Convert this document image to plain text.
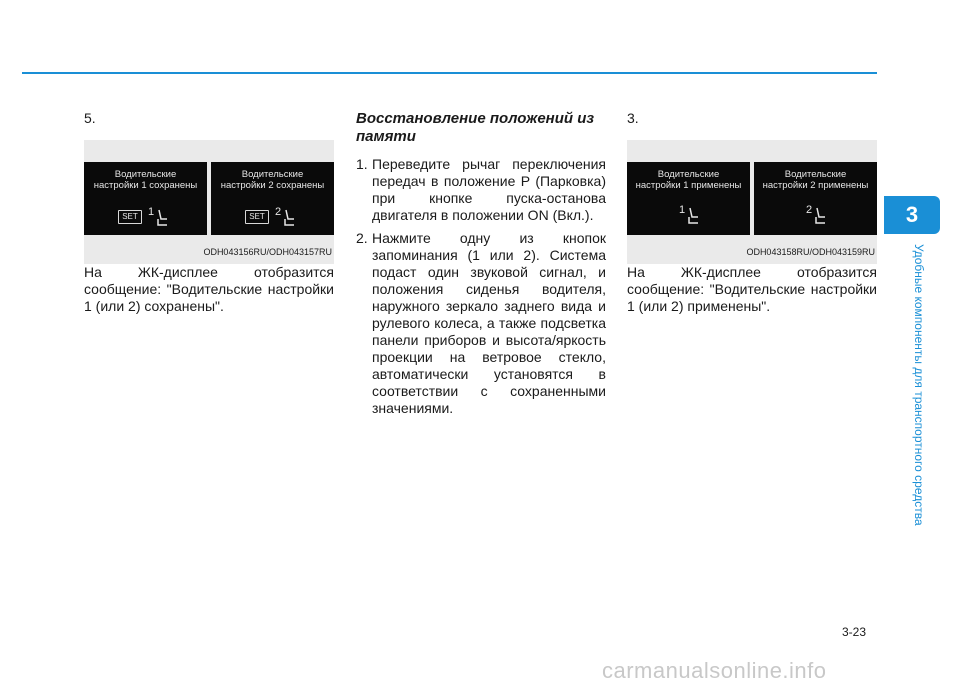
3
Удобные компоненты для транспортного средства
5.
Водительские
настройки 1 сохранены
SET 1
Водительские
настройки 2 сохранены
SET 2
ODH043156RU/ODH043157RU

На ЖК-дисплее отобразится сообщение: "Водительские настройки 1 (или 2) сохранены".

Восстановление положений из памяти
1. Переведите рычаг переключения передач в положение P (Парковка) при кнопке пуска-останова двигателя в положении ON (Вкл.).
2. Нажмите одну из кнопок запоминания (1 или 2). Система подаст один звуковой сигнал, и положения сиденья водителя, наружного зеркало заднего вида и рулевого колеса, а также подсветка панели приборов и высота/яркость проекции на ветровое стекло, автоматически установятся в соответствии с сохраненными значениями.
3.
Водительские
настройки 1 применены
1
Водительские
настройки 2 применены
2
ODH043158RU/ODH043159RU

На ЖК-дисплее отобразится сообщение: "Водительские настройки 1 (или 2) применены".

3-23
carmanualsonline.info
